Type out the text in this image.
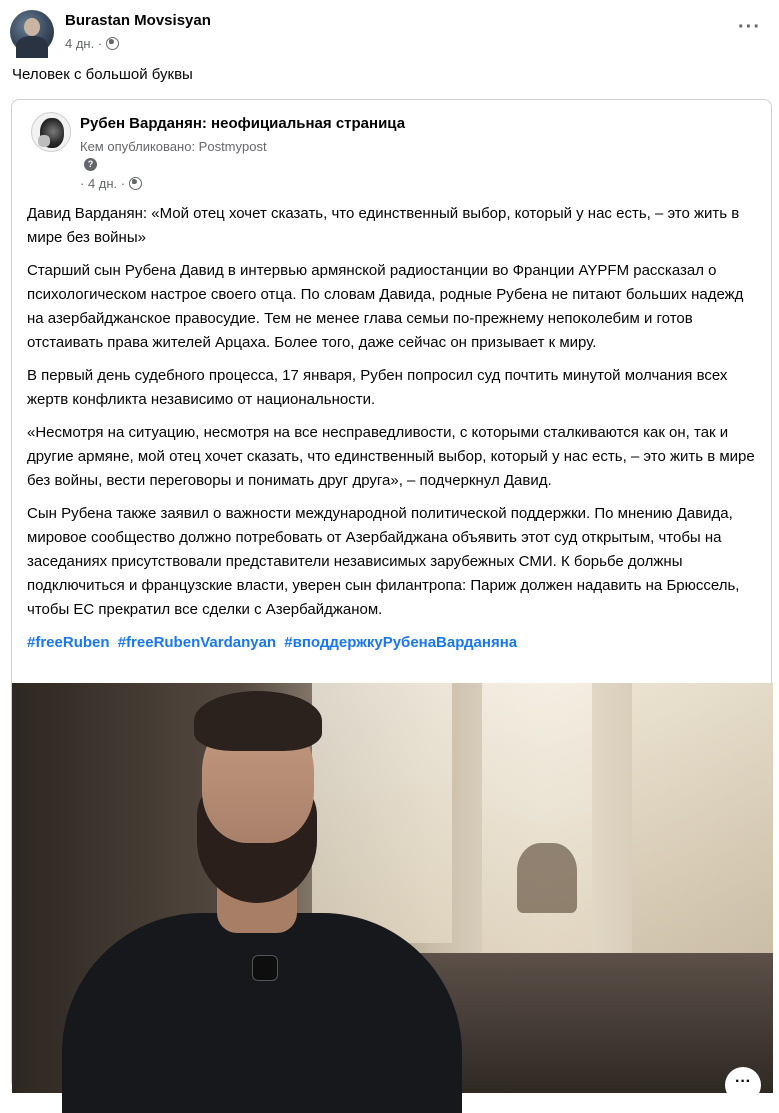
Burastan Movsisyan
4 дн. ·
···
Человек с большой буквы
Рубен Варданян: неофициальная страница
Кем опубликовано: Postmypost
?
· 4 дн. ·

Давид Варданян: «Мой отец хочет сказать, что единственный выбор, который у нас есть, – это жить в мире без войны»

Старший сын Рубена Давид в интервью армянской радиостанции во Франции AYPFM рассказал о психологическом настрое своего отца. По словам Давида, родные Рубена не питают больших надежд на азербайджанское правосудие. Тем не менее глава семьи по-прежнему непоколебим и готов отстаивать права жителей Арцаха. Более того, даже сейчас он призывает к миру.

В первый день судебного процесса, 17 января, Рубен попросил суд почтить минутой молчания всех жертв конфликта независимо от национальности.

«Несмотря на ситуацию, несмотря на все несправедливости, с которыми сталкиваются как он, так и другие армяне, мой отец хочет сказать, что единственный выбор, который у нас есть, – это жить в мире без войны, вести переговоры и понимать друг друга», – подчеркнул Давид.

Сын Рубена также заявил о важности международной политической поддержки. По мнению Давида, мировое сообщество должно потребовать от Азербайджана объявить этот суд открытым, чтобы на заседаниях присутствовали представители независимых зарубежных СМИ. К борьбе должны подключиться и французские власти, уверен сын филантропа: Париж должен надавить на Брюссель, чтобы ЕС прекратил все сделки с Азербайджаном.

#freeRuben #freeRubenVardanyan #вподдержкуРубенаВарданяна

···
